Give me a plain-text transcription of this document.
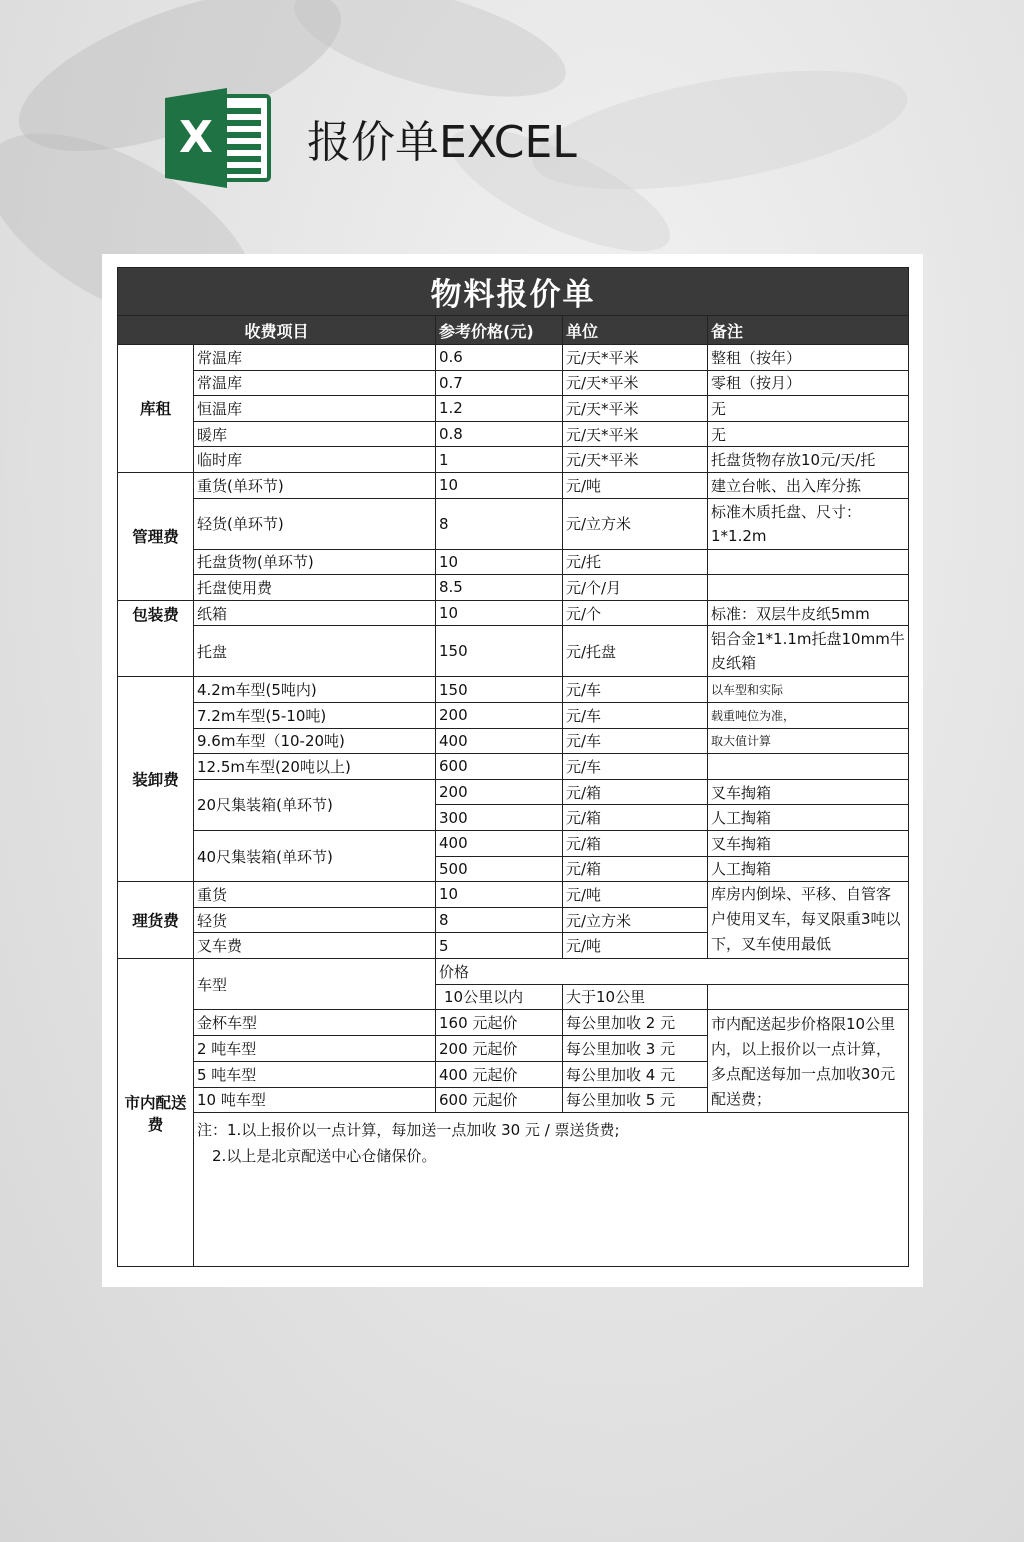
X 报价单EXCEL
物料报价单				
收费项目		参考价格(元)	单位	备注
库租	常温库	0.6	元/天*平米	整租（按年）
	常温库	0.7	元/天*平米	零租（按月）
	恒温库	1.2	元/天*平米	无
	暖库	0.8	元/天*平米	无
	临时库	1	元/天*平米	托盘货物存放10元/天/托
管理费	重货(单环节)	10	元/吨	建立台帐、出入库分拣
	轻货(单环节)	8	元/立方米	标准木质托盘、尺寸：1*1.2m
	托盘货物(单环节)	10	元/托	
	托盘使用费	8.5	元/个/月	
包装费	纸箱	10	元/个	标准：双层牛皮纸5mm
	托盘	150	元/托盘	铝合金1*1.1m托盘10mm牛皮纸箱
装卸费	4.2m车型(5吨内)	150	元/车	以车型和实际
	7.2m车型(5-10吨)	200	元/车	载重吨位为准，
	9.6m车型（10-20吨)	400	元/车	取大值计算
	12.5m车型(20吨以上)	600	元/车	
	20尺集装箱(单环节)	200	元/箱	叉车掏箱
		300	元/箱	人工掏箱
	40尺集装箱(单环节)	400	元/箱	叉车掏箱
		500	元/箱	人工掏箱
理货费	重货	10	元/吨	库房内倒垛、平移、自管客户使用叉车，每叉限重3吨以下，叉车使用最低
	轻货	8	元/立方米	
	叉车费	5	元/吨	
市内配送费	车型	价格		
		10公里以内	大于10公里	
	金杯车型	160 元起价	每公里加收 2 元	市内配送起步价格限10公里内，以上报价以一点计算，多点配送每加一点加收30元配送费；
	2 吨车型	200 元起价	每公里加收 3 元	
	5 吨车型	400 元起价	每公里加收 4 元	
	10 吨车型	600 元起价	每公里加收 5 元	
	注：1.以上报价以一点计算，每加送一点加收 30 元 / 票送货费;
2.以上是北京配送中心仓储保价。			
